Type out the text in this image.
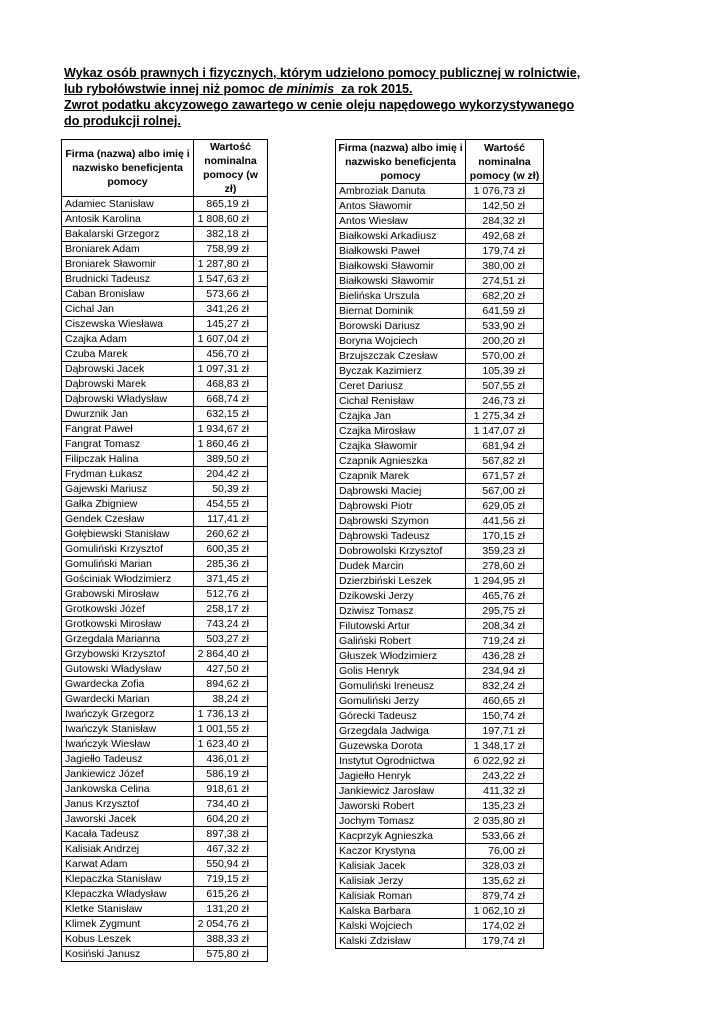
Wykaz osób prawnych i fizycznych, którym udzielono pomocy publicznej w rolnictwie,
lub rybołówstwie innej niż pomoc de minimis  za rok 2015.
Zwrot podatku akcyzowego zawartego w cenie oleju napędowego wykorzystywanego
do produkcji rolnej.
Firma (nazwa) albo imię i nazwisko beneficjenta pomocy	Wartość nominalna pomocy (w zł)
Adamiec Stanisław	865,19 zł
Antosik Karolina	1 808,60 zł
Bakalarski Grzegorz	382,18 zł
Broniarek Adam	758,99 zł
Broniarek Sławomir	1 287,80 zł
Brudnicki Tadeusz	1 547,63 zł
Caban Bronisław	573,66 zł
Cichal Jan	341,26 zł
Ciszewska Wiesława	145,27 zł
Czajka Adam	1 607,04 zł
Czuba Marek	456,70 zł
Dąbrowski Jacek	1 097,31 zł
Dąbrowski Marek	468,83 zł
Dąbrowski Władysław	668,74 zł
Dwurznik Jan	632,15 zł
Fangrat Paweł	1 934,67 zł
Fangrat Tomasz	1 860,46 zł
Filipczak Halina	389,50 zł
Frydman Łukasz	204,42 zł
Gajewski Mariusz	50,39 zł
Gałka Zbigniew	454,55 zł
Gendek Czesław	117,41 zł
Gołębiewski Stanisław	260,62 zł
Gomuliński Krzysztof	600,35 zł
Gomuliński Marian	285,36 zł
Gościniak Włodzimierz	371,45 zł
Grabowski Mirosław	512,76 zł
Grotkowski Józef	258,17 zł
Grotkowski Mirosław	743,24 zł
Grzegdala Marianna	503,27 zł
Grzybowski Krzysztof	2 864,40 zł
Gutowski Władysław	427,50 zł
Gwardecka Zofia	894,62 zł
Gwardecki Marian	38,24 zł
Iwańczyk Grzegorz	1 736,13 zł
Iwańczyk Stanisław	1 001,55 zł
Iwańczyk Wiesław	1 623,40 zł
Jagiełło Tadeusz	436,01 zł
Jankiewicz Józef	586,19 zł
Jankowska Celina	918,61 zł
Janus Krzysztof	734,40 zł
Jaworski Jacek	604,20 zł
Kacała Tadeusz	897,38 zł
Kalisiak Andrzej	467,32 zł
Karwat Adam	550,94 zł
Klepaczka Stanisław	719,15 zł
Klepaczka Władysław	615,26 zł
Kletke Stanisław	131,20 zł
Klimek Zygmunt	2 054,76 zł
Kobus Leszek	388,33 zł
Kosiński Janusz	575,80 zł
Firma (nazwa) albo imię i nazwisko beneficjenta pomocy	Wartość nominalna pomocy (w zł)
Ambroziak Danuta	1 076,73 zł
Antos Sławomir	142,50 zł
Antos Wiesław	284,32 zł
Białkowski Arkadiusz	492,68 zł
Białkowski Paweł	179,74 zł
Białkowski Sławomir	380,00 zł
Białkowski Sławomir	274,51 zł
Bielińska Urszula	682,20 zł
Biernat Dominik	641,59 zł
Borowski Dariusz	533,90 zł
Boryna Wojciech	200,20 zł
Brzujszczak Czesław	570,00 zł
Byczak Kazimierz	105,39 zł
Ceret Dariusz	507,55 zł
Cichal Renisław	246,73 zł
Czajka Jan	1 275,34 zł
Czajka Mirosław	1 147,07 zł
Czajka Sławomir	681,94 zł
Czapnik Agnieszka	567,82 zł
Czapnik Marek	671,57 zł
Dąbrowski Maciej	567,00 zł
Dąbrowski Piotr	629,05 zł
Dąbrowski Szymon	441,56 zł
Dąbrowski Tadeusz	170,15 zł
Dobrowolski Krzysztof	359,23 zł
Dudek Marcin	278,60 zł
Dzierzbiński Leszek	1 294,95 zł
Dzikowski Jerzy	465,76 zł
Dziwisz Tomasz	295,75 zł
Filutowski Artur	208,34 zł
Galiński Robert	719,24 zł
Głuszek Włodzimierz	436,28 zł
Golis Henryk	234,94 zł
Gomuliński Ireneusz	832,24 zł
Gomuliński Jerzy	460,65 zł
Górecki Tadeusz	150,74 zł
Grzegdala Jadwiga	197,71 zł
Guzewska Dorota	1 348,17 zł
Instytut Ogrodnictwa	6 022,92 zł
Jagiełło Henryk	243,22 zł
Jankiewicz Jarosław	411,32 zł
Jaworski Robert	135,23 zł
Jochym Tomasz	2 035,80 zł
Kacprzyk Agnieszka	533,66 zł
Kaczor Krystyna	76,00 zł
Kalisiak Jacek	328,03 zł
Kalisiak Jerzy	135,62 zł
Kalisiak Roman	879,74 zł
Kalska Barbara	1 062,10 zł
Kalski Wojciech	174,02 zł
Kalski Zdzisław	179,74 zł
